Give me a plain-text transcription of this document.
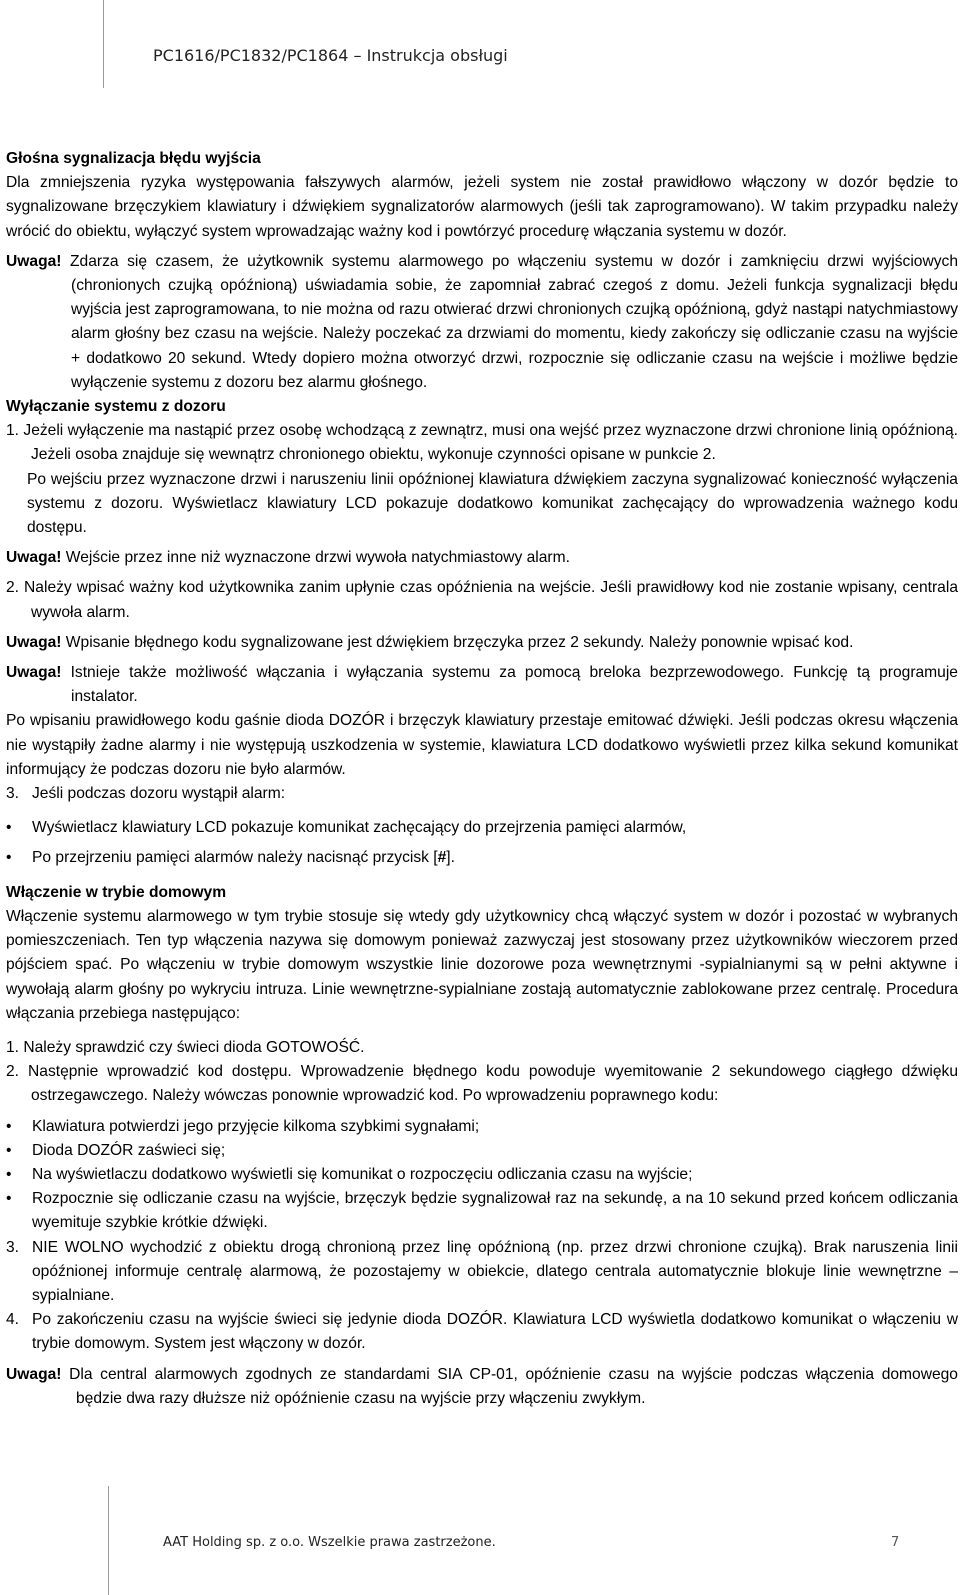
PC1616/PC1832/PC1864 – Instrukcja obsługi

Głośna sygnalizacja błędu wyjścia

Dla zmniejszenia ryzyka występowania fałszywych alarmów, jeżeli system nie został prawidłowo włączony w dozór będzie to sygnalizowane brzęczykiem klawiatury i dźwiękiem sygnalizatorów alarmowych (jeśli tak zaprogramowano). W takim przypadku należy wrócić do obiektu, wyłączyć system wprowadzając ważny kod i powtórzyć procedurę włączania systemu w dozór.

Uwaga! Zdarza się czasem, że użytkownik systemu alarmowego po włączeniu systemu w dozór i zamknięciu drzwi wyjściowych (chronionych czujką opóźnioną) uświadamia sobie, że zapomniał zabrać czegoś z domu. Jeżeli funkcja sygnalizacji błędu wyjścia jest zaprogramowana, to nie można od razu otwierać drzwi chronionych czujką opóźnioną, gdyż nastąpi natychmiastowy alarm głośny bez czasu na wejście. Należy poczekać za drzwiami do momentu, kiedy zakończy się odliczanie czasu na wyjście + dodatkowo 20 sekund. Wtedy dopiero można otworzyć drzwi, rozpocznie się odliczanie czasu na wejście i możliwe będzie wyłączenie systemu z dozoru bez alarmu głośnego.

Wyłączanie systemu z dozoru

1. Jeżeli wyłączenie ma nastąpić przez osobę wchodzącą z zewnątrz, musi ona wejść przez wyznaczone drzwi chronione linią opóźnioną. Jeżeli osoba znajduje się wewnątrz chronionego obiektu, wykonuje czynności opisane w punkcie 2.

Po wejściu przez wyznaczone drzwi i naruszeniu linii opóźnionej klawiatura dźwiękiem zaczyna sygnalizować konieczność wyłączenia systemu z dozoru. Wyświetlacz klawiatury LCD pokazuje dodatkowo komunikat zachęcający do wprowadzenia ważnego kodu dostępu.

Uwaga! Wejście przez inne niż wyznaczone drzwi wywoła natychmiastowy alarm.

2. Należy wpisać ważny kod użytkownika zanim upłynie czas opóźnienia na wejście. Jeśli prawidłowy kod nie zostanie wpisany, centrala wywoła alarm.

Uwaga! Wpisanie błędnego kodu sygnalizowane jest dźwiękiem brzęczyka przez 2 sekundy. Należy ponownie wpisać kod.

Uwaga! Istnieje także możliwość włączania i wyłączania systemu za pomocą breloka bezprzewodowego. Funkcję tą programuje instalator.

Po wpisaniu prawidłowego kodu gaśnie dioda DOZÓR i brzęczyk klawiatury przestaje emitować dźwięki. Jeśli podczas okresu włączenia nie wystąpiły żadne alarmy i nie występują uszkodzenia w systemie, klawiatura LCD dodatkowo wyświetli przez kilka sekund komunikat informujący że podczas dozoru nie było alarmów.

3. Jeśli podczas dozoru wystąpił alarm:
•	Wyświetlacz klawiatury LCD pokazuje komunikat zachęcający do przejrzenia pamięci alarmów,
•	Po przejrzeniu pamięci alarmów należy nacisnąć przycisk [#].

Włączenie w trybie domowym

Włączenie systemu alarmowego w tym trybie stosuje się wtedy gdy użytkownicy chcą włączyć system w dozór i pozostać w wybranych pomieszczeniach. Ten typ włączenia nazywa się domowym ponieważ zazwyczaj jest stosowany przez użytkowników wieczorem przed pójściem spać. Po włączeniu w trybie domowym wszystkie linie dozorowe poza wewnętrznymi -sypialnianymi są w pełni aktywne i wywołają alarm głośny po wykryciu intruza. Linie wewnętrzne-sypialniane zostają automatycznie zablokowane przez centralę. Procedura włączania przebiega następująco:

1. Należy sprawdzić czy świeci dioda GOTOWOŚĆ.

2. Następnie wprowadzić kod dostępu. Wprowadzenie błędnego kodu powoduje wyemitowanie 2 sekundowego ciągłego dźwięku ostrzegawczego. Należy wówczas ponownie wprowadzić kod. Po wprowadzeniu poprawnego kodu:

•	Klawiatura potwierdzi jego przyjęcie kilkoma szybkimi sygnałami;
•	Dioda DOZÓR zaświeci się;
•	Na wyświetlaczu dodatkowo wyświetli się komunikat o rozpoczęciu odliczania czasu na wyjście;
•	Rozpocznie się odliczanie czasu na wyjście, brzęczyk będzie sygnalizował raz na sekundę, a na 10 sekund przed końcem odliczania wyemituje szybkie krótkie dźwięki.
3. NIE WOLNO wychodzić z obiektu drogą chronioną przez linę opóźnioną (np. przez drzwi chronione czujką). Brak naruszenia linii opóźnionej informuje centralę alarmową, że pozostajemy w obiekcie, dlatego centrala automatycznie blokuje linie wewnętrzne – sypialniane.
4. Po zakończeniu czasu na wyjście świeci się jedynie dioda DOZÓR. Klawiatura LCD wyświetla dodatkowo komunikat o włączeniu w trybie domowym. System jest włączony w dozór.

Uwaga! Dla central alarmowych zgodnych ze standardami SIA CP-01, opóźnienie czasu na wyjście podczas włączenia domowego będzie dwa razy dłuższe niż opóźnienie czasu na wyjście przy włączeniu zwykłym.

AAT Holding sp. z o.o. Wszelkie prawa zastrzeżone.	7
